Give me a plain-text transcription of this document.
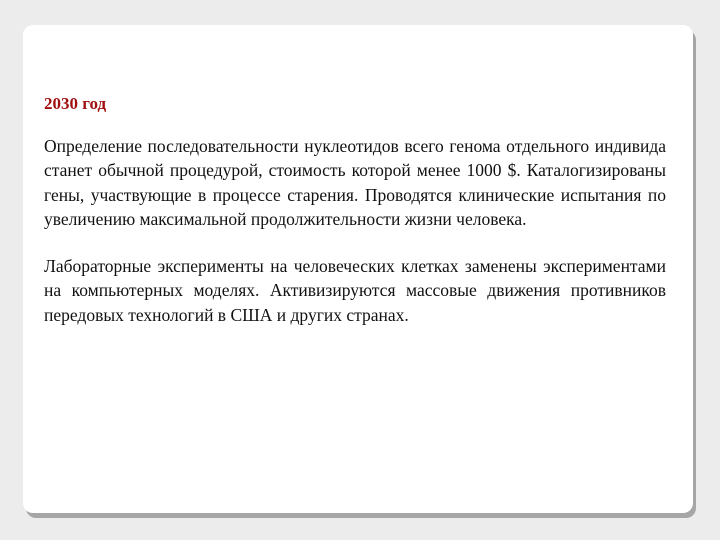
2030 год

Определение последовательности нуклеотидов всего генома отдельного индивида станет обычной процедурой, стоимость которой менее 1000 $. Каталогизированы гены, участвующие в процессе старения. Проводятся клинические испытания по увеличению максимальной продолжительности жизни человека.

Лабораторные эксперименты на человеческих клетках заменены экспериментами на компьютерных моделях. Активизируются массовые движения противников передовых технологий в США и других странах.
